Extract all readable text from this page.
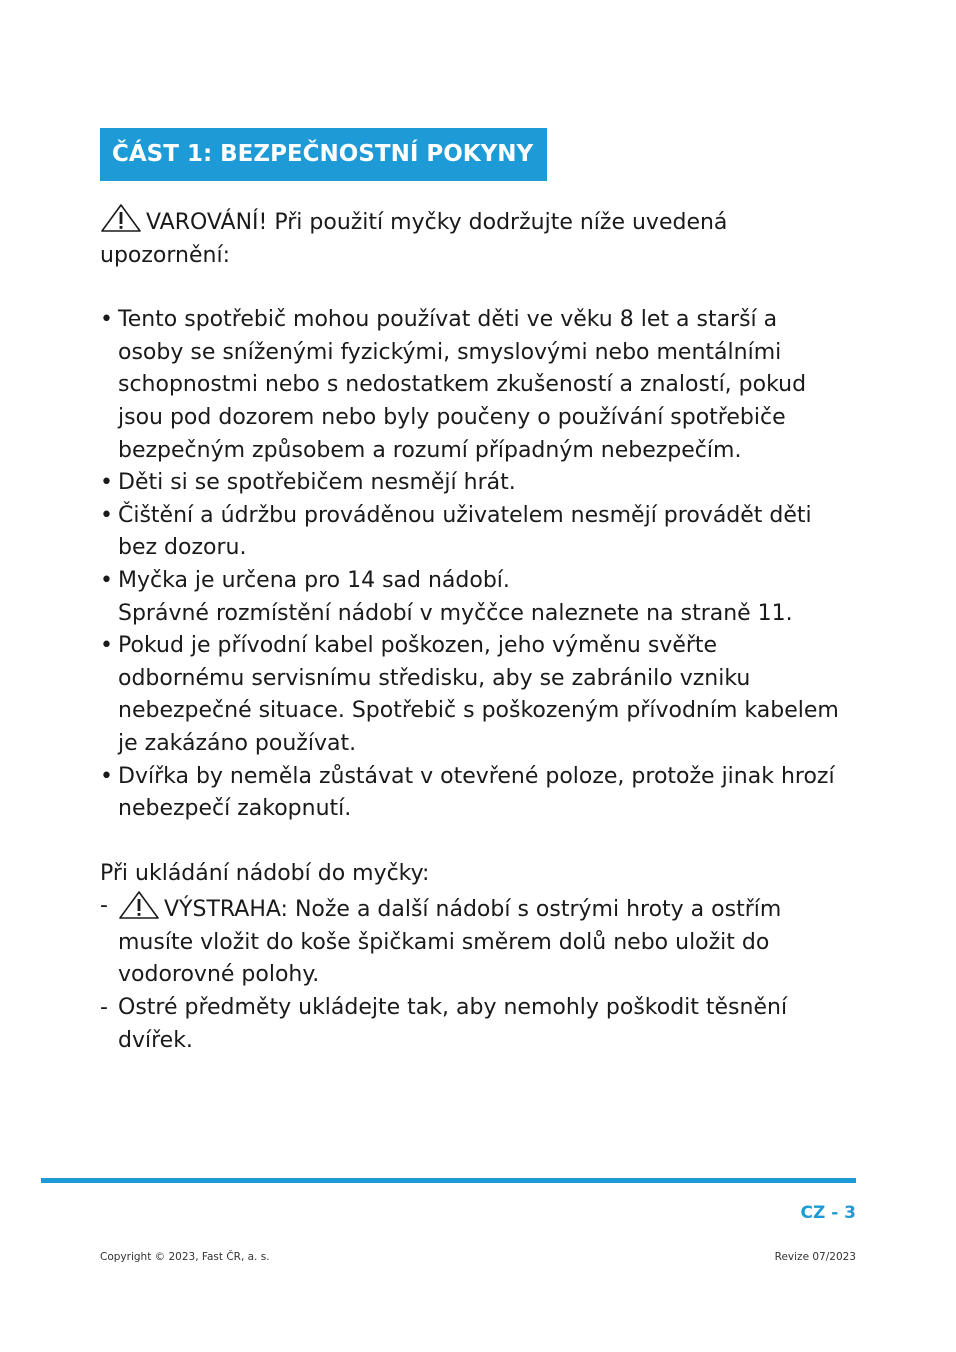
ČÁST 1: BEZPEČNOSTNÍ POKYNY
VAROVÁNÍ! Při použití myčky dodržujte níže uvedená
upozornění:
• Tento spotřebič mohou používat děti ve věku 8 let a starší a
osoby se sníženými fyzickými, smyslovými nebo mentálními
schopnostmi nebo s nedostatkem zkušeností a znalostí, pokud
jsou pod dozorem nebo byly poučeny o používání spotřebiče
bezpečným způsobem a rozumí případným nebezpečím.
• Děti si se spotřebičem nesmějí hrát.
• Čištění a údržbu prováděnou uživatelem nesmějí provádět děti
bez dozoru.
• Myčka je určena pro 14 sad nádobí.
Správné rozmístění nádobí v myččce naleznete na straně 11.
• Pokud je přívodní kabel poškozen, jeho výměnu svěřte
odbornému servisnímu středisku, aby se zabránilo vzniku
nebezpečné situace. Spotřebič s poškozeným přívodním kabelem
je zakázáno používat.
• Dvířka by neměla zůstávat v otevřené poloze, protože jinak hrozí
nebezpečí zakopnutí.
Při ukládání nádobí do myčky:
-	VÝSTRAHA: Nože a další nádobí s ostrými hroty a ostřím
musíte vložit do koše špičkami směrem dolů nebo uložit do
vodorovné polohy.
- Ostré předměty ukládejte tak, aby nemohly poškodit těsnění
dvířek.
CZ - 3
Copyright © 2023, Fast ČR, a. s.	Revize 07/2023
